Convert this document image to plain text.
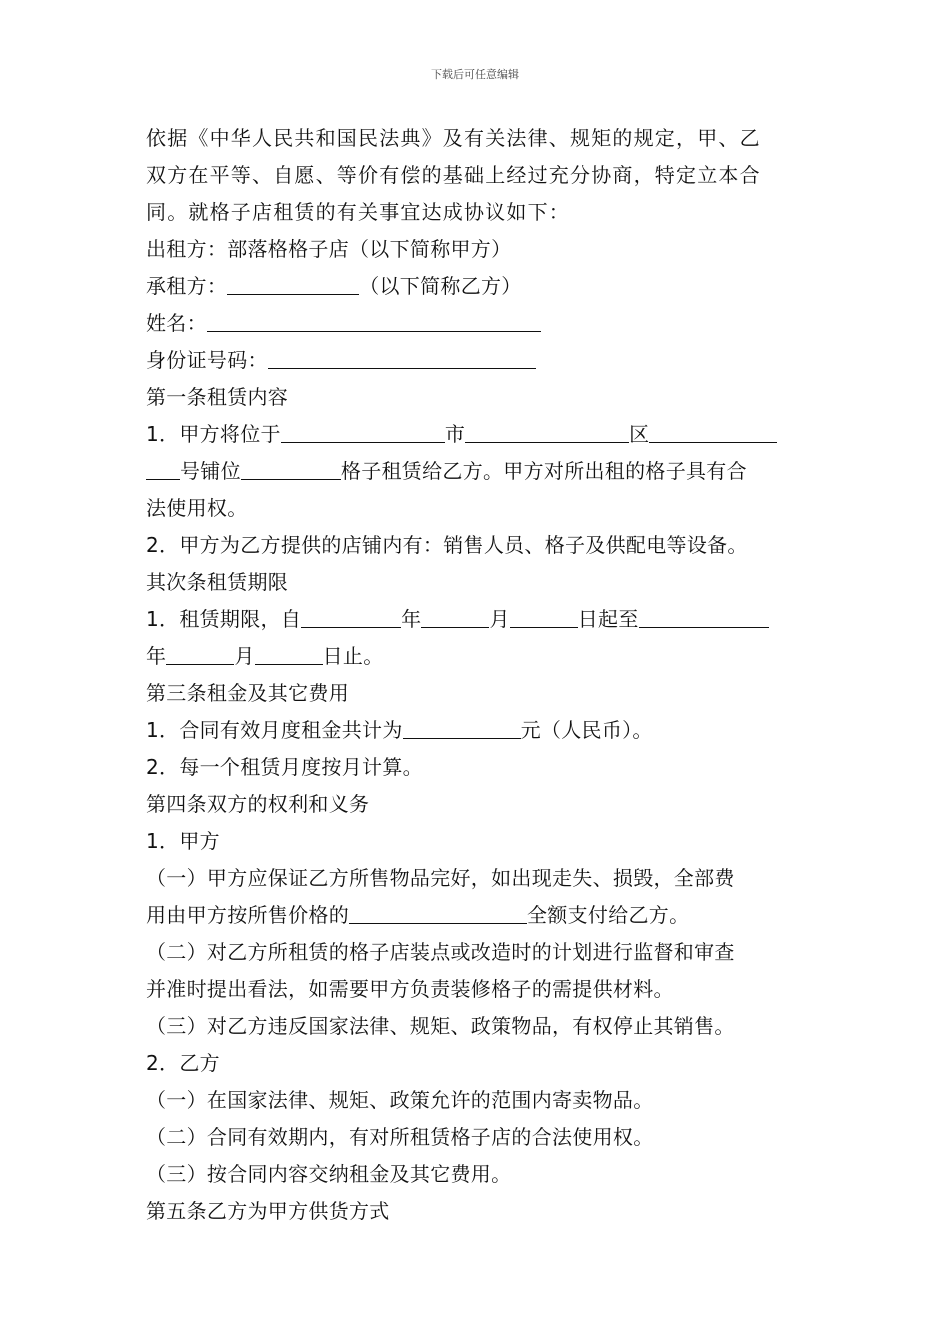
下载后可任意编辑
依据《中华人民共和国民法典》及有关法律、规矩的规定，甲、乙
双方在平等、自愿、等价有偿的基础上经过充分协商，特定立本合
同。就格子店租赁的有关事宜达成协议如下：
出租方：部落格格子店（以下简称甲方）
承租方：	（以下简称乙方）
姓名：
身份证号码：
第一条租赁内容
1．甲方将位于	市	区
号铺位	格子租赁给乙方。甲方对所出租的格子具有合
法使用权。
2．甲方为乙方提供的店铺内有：销售人员、格子及供配电等设备。
其次条租赁期限
1．租赁期限，自	年	月	日起至
年	月	日止。
第三条租金及其它费用
1．合同有效月度租金共计为	元（人民币）。
2．每一个租赁月度按月计算。
第四条双方的权利和义务
1．甲方
（一）甲方应保证乙方所售物品完好，如出现走失、损毁，全部费
用由甲方按所售价格的	全额支付给乙方。
（二）对乙方所租赁的格子店装点或改造时的计划进行监督和审查
并准时提出看法，如需要甲方负责装修格子的需提供材料。
（三）对乙方违反国家法律、规矩、政策物品，有权停止其销售。
2．乙方
（一）在国家法律、规矩、政策允许的范围内寄卖物品。
（二）合同有效期内，有对所租赁格子店的合法使用权。
（三）按合同内容交纳租金及其它费用。
第五条乙方为甲方供货方式
